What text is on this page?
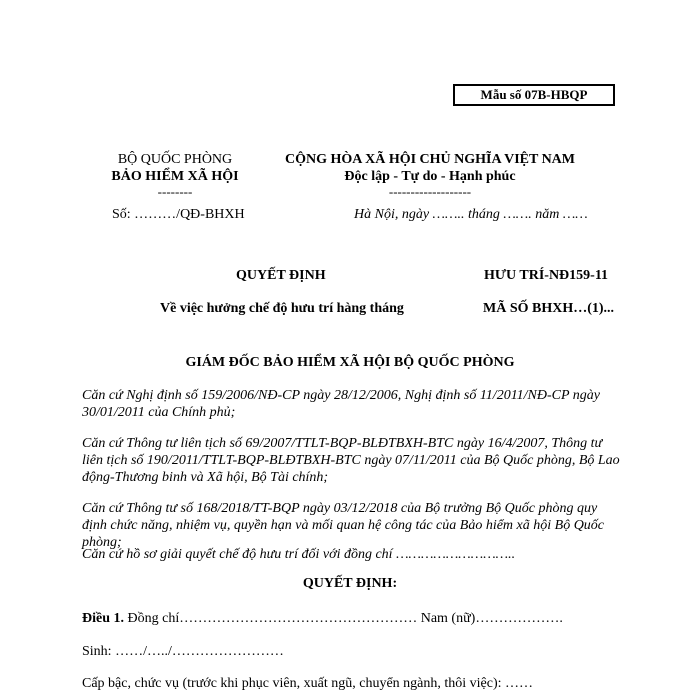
Mẫu số 07B-HBQP
BỘ QUỐC PHÒNG
BẢO HIỂM XÃ HỘI
--------
Số: ………/QĐ-BHXH
CỘNG HÒA XÃ HỘI CHỦ NGHĨA VIỆT NAM
Độc lập - Tự do - Hạnh phúc
-------------------
Hà Nội, ngày …….. tháng ……. năm ……
QUYẾT ĐỊNH
Về việc hưởng chế độ hưu trí hàng tháng
HƯU TRÍ-NĐ159-11
MÃ SỐ BHXH…(1)...
GIÁM ĐỐC BẢO HIỂM XÃ HỘI BỘ QUỐC PHÒNG
Căn cứ Nghị định số 159/2006/NĐ-CP ngày 28/12/2006, Nghị định số 11/2011/NĐ-CP ngày 30/01/2011 của Chính phủ;
Căn cứ Thông tư liên tịch số 69/2007/TTLT-BQP-BLĐTBXH-BTC ngày 16/4/2007, Thông tư liên tịch số 190/2011/TTLT-BQP-BLĐTBXH-BTC ngày 07/11/2011 của Bộ Quốc phòng, Bộ Lao động-Thương binh và Xã hội, Bộ Tài chính;
Căn cứ Thông tư số 168/2018/TT-BQP ngày 03/12/2018 của Bộ trưởng Bộ Quốc phòng quy định chức năng, nhiệm vụ, quyền hạn và mối quan hệ công tác của Bảo hiểm xã hội Bộ Quốc phòng;
Căn cứ hồ sơ giải quyết chế độ hưu trí đối với đồng chí ………………………..
QUYẾT ĐỊNH:
Điều 1. Đồng chí…………………………………………… Nam (nữ)……………….
Sinh: ……/…../……………………
Cấp bậc, chức vụ (trước khi phục viên, xuất ngũ, chuyển ngành, thôi việc): ……
